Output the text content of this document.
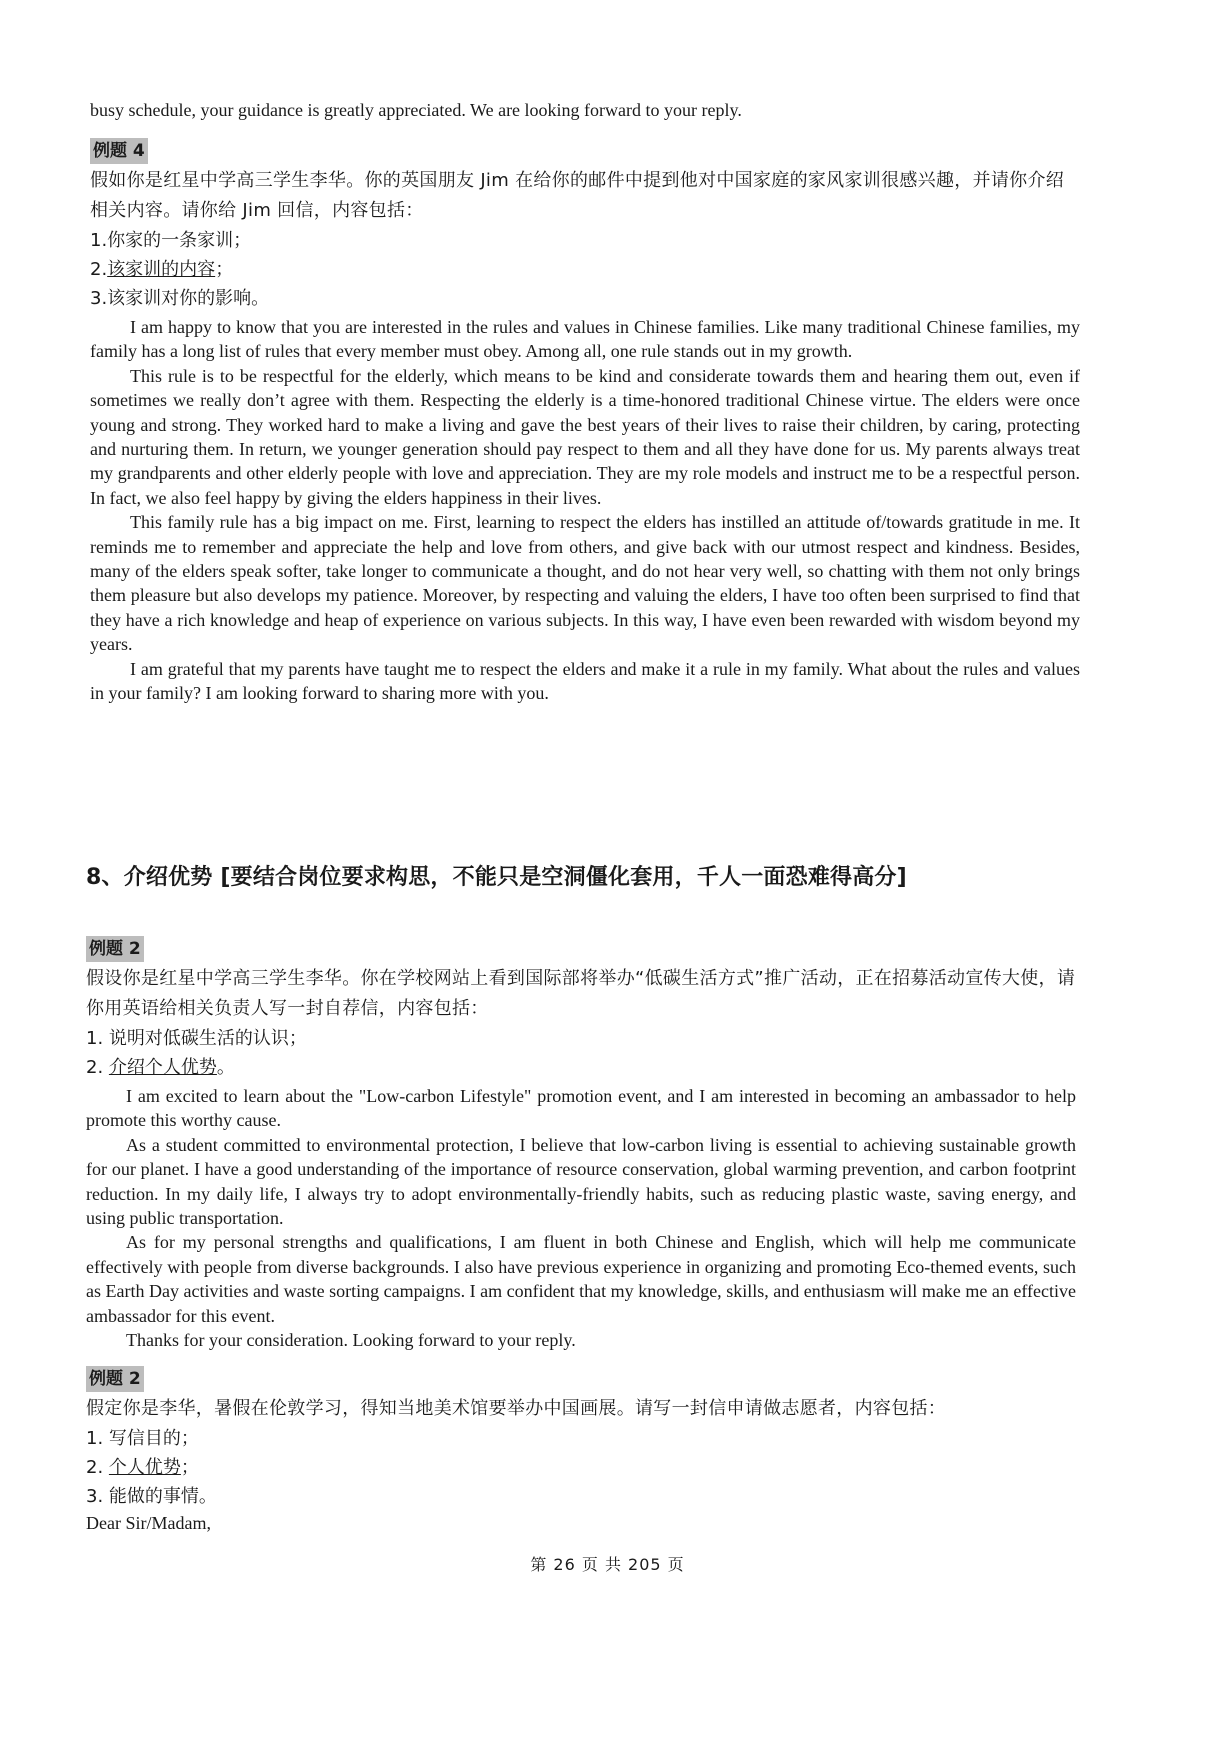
busy schedule, your guidance is greatly appreciated. We are looking forward to your reply.

例题 4

假如你是红星中学高三学生李华。你的英国朋友 Jim 在给你的邮件中提到他对中国家庭的家风家训很感兴趣，并请你介绍相关内容。请你给 Jim 回信，内容包括：

1.你家的一条家训；
2.该家训的内容；
3.该家训对你的影响。

I am happy to know that you are interested in the rules and values in Chinese families. Like many traditional Chinese families, my family has a long list of rules that every member must obey. Among all, one rule stands out in my growth.

This rule is to be respectful for the elderly, which means to be kind and considerate towards them and hearing them out, even if sometimes we really don’t agree with them. Respecting the elderly is a time-honored traditional Chinese virtue. The elders were once young and strong. They worked hard to make a living and gave the best years of their lives to raise their children, by caring, protecting and nurturing them. In return, we younger generation should pay respect to them and all they have done for us. My parents always treat my grandparents and other elderly people with love and appreciation. They are my role models and instruct me to be a respectful person. In fact, we also feel happy by giving the elders happiness in their lives.

This family rule has a big impact on me. First, learning to respect the elders has instilled an attitude of/towards gratitude in me. It reminds me to remember and appreciate the help and love from others, and give back with our utmost respect and kindness. Besides, many of the elders speak softer, take longer to communicate a thought, and do not hear very well, so chatting with them not only brings them pleasure but also develops my patience. Moreover, by respecting and valuing the elders, I have too often been surprised to find that they have a rich knowledge and heap of experience on various subjects. In this way, I have even been rewarded with wisdom beyond my years.

I am grateful that my parents have taught me to respect the elders and make it a rule in my family. What about the rules and values in your family? I am looking forward to sharing more with you.

8、介绍优势 [要结合岗位要求构思，不能只是空洞僵化套用，千人一面恐难得高分]

例题 2

假设你是红星中学高三学生李华。你在学校网站上看到国际部将举办“低碳生活方式”推广活动，正在招募活动宣传大使，请你用英语给相关负责人写一封自荐信，内容包括：

1. 说明对低碳生活的认识；
2. 介绍个人优势。

I am excited to learn about the "Low-carbon Lifestyle" promotion event, and I am interested in becoming an ambassador to help promote this worthy cause.

As a student committed to environmental protection, I believe that low-carbon living is essential to achieving sustainable growth for our planet. I have a good understanding of the importance of resource conservation, global warming prevention, and carbon footprint reduction. In my daily life, I always try to adopt environmentally-friendly habits, such as reducing plastic waste, saving energy, and using public transportation.

As for my personal strengths and qualifications, I am fluent in both Chinese and English, which will help me communicate effectively with people from diverse backgrounds. I also have previous experience in organizing and promoting Eco-themed events, such as Earth Day activities and waste sorting campaigns. I am confident that my knowledge, skills, and enthusiasm will make me an effective ambassador for this event.

Thanks for your consideration. Looking forward to your reply.

例题 2

假定你是李华，暑假在伦敦学习，得知当地美术馆要举办中国画展。请写一封信申请做志愿者，内容包括：

1. 写信目的；
2. 个人优势；
3. 能做的事情。

Dear Sir/Madam,

第 26 页 共 205 页
